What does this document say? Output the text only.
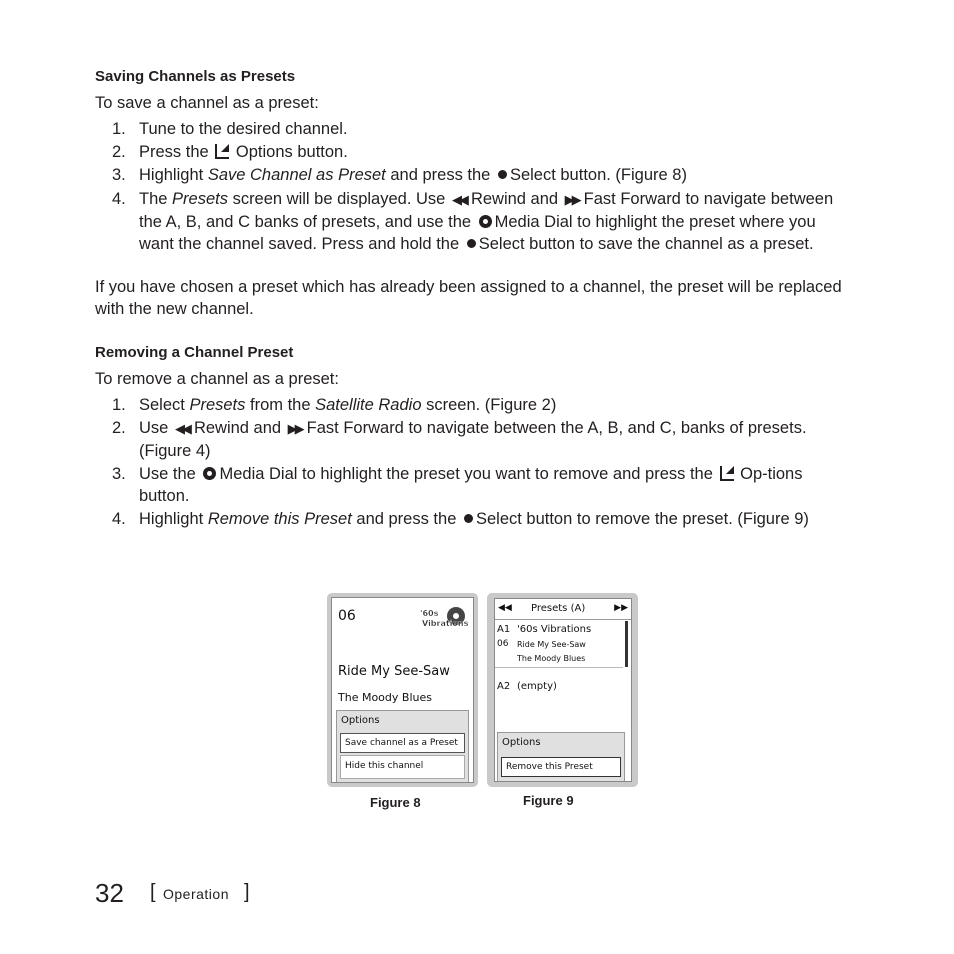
Saving Channels as Presets
To save a channel as a preset:
1. Tune to the desired channel.
2. Press the Options button.
3. Highlight Save Channel as Preset and press the Select button. (Figure 8)
4. The Presets screen will be displayed. Use ◀◀ Rewind and ▶▶ Fast Forward to navigate between the A, B, and C banks of presets, and use the Media Dial to highlight the preset where you want the channel saved. Press and hold the Select button to save the channel as a preset.
If you have chosen a preset which has already been assigned to a channel, the preset will be replaced with the new channel.
Removing a Channel Preset
To remove a channel as a preset:
1. Select Presets from the Satellite Radio screen. (Figure 2)
2. Use ◀◀ Rewind and ▶▶ Fast Forward to navigate between the A, B, and C, banks of presets. (Figure 4)
3. Use the Media Dial to highlight the preset you want to remove and press the Op-tions button.
4. Highlight Remove this Preset and press the Select button to remove the preset. (Figure 9)
06	'60s
Vibrations
Ride My See-Saw
The Moody Blues
Options
Save channel as a Preset
Hide this channel
Figure 8
◀◀ Presets (A)	▶▶
A1 '60s Vibrations
06 Ride My See-Saw
The Moody Blues
A2 (empty)
Options
Remove this Preset
Figure 9
32 [ Operation ]
